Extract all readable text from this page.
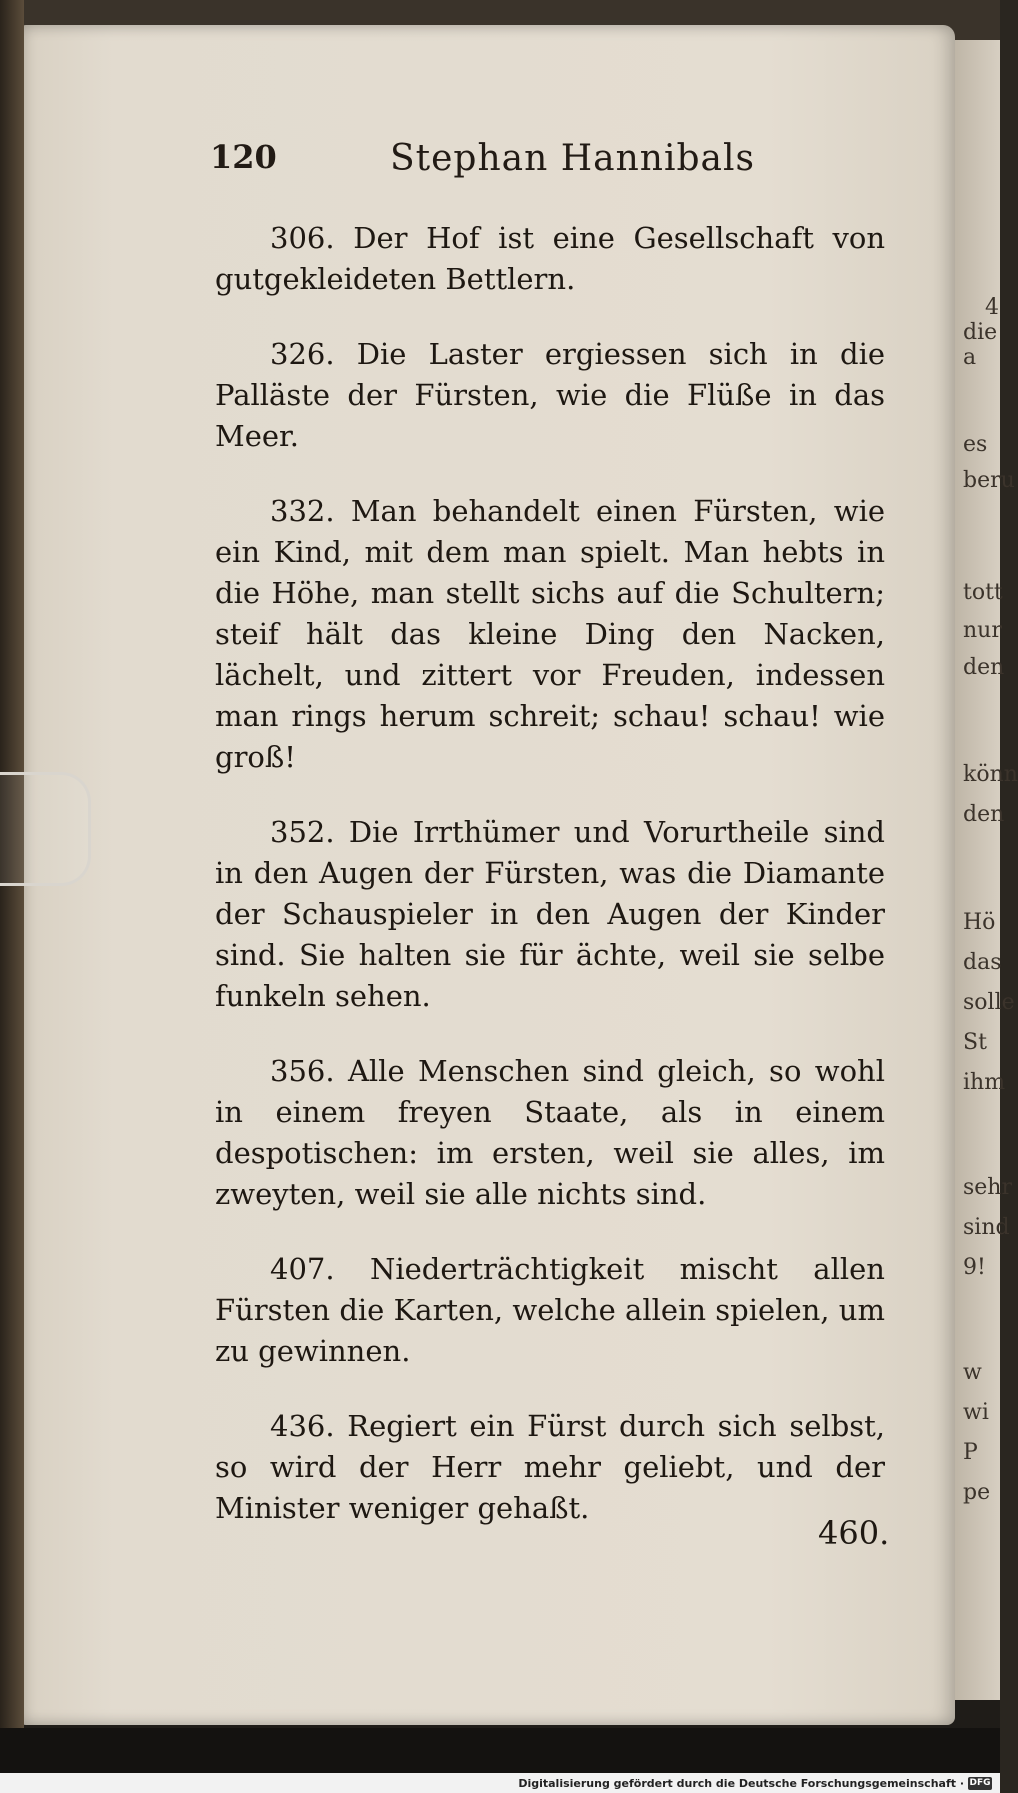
4
die a
es
beru
tott
nur
den
könn
den
Hö
das
solle
St
ihm
sehr
sind
9!
w
wi
P
pe
120	Stephan Hannibals

306. Der Hof ist eine Gesellschaft von gutgekleideten Bettlern.

326. Die Laster ergiessen sich in die Palläste der Fürsten, wie die Flüße in das Meer.

332. Man behandelt einen Fürsten, wie ein Kind, mit dem man spielt. Man hebts in die Höhe, man stellt sichs auf die Schultern; steif hält das kleine Ding den Nacken, lächelt, und zittert vor Freuden, indessen man rings herum schreit; schau! schau! wie groß!

352. Die Irrthümer und Vorurtheile sind in den Augen der Fürsten, was die Diamante der Schauspieler in den Augen der Kinder sind. Sie halten sie für ächte, weil sie selbe funkeln sehen.

356. Alle Menschen sind gleich, so wohl in einem freyen Staate, als in einem despotischen: im ersten, weil sie alles, im zweyten, weil sie alle nichts sind.

407. Niederträchtigkeit mischt allen Fürsten die Karten, welche allein spielen, um zu gewinnen.

436. Regiert ein Fürst durch sich selbst, so wird der Herr mehr geliebt, und der Minister weniger gehaßt.

460.
Digitalisierung gefördert durch die Deutsche Forschungsgemeinschaft · DFG
